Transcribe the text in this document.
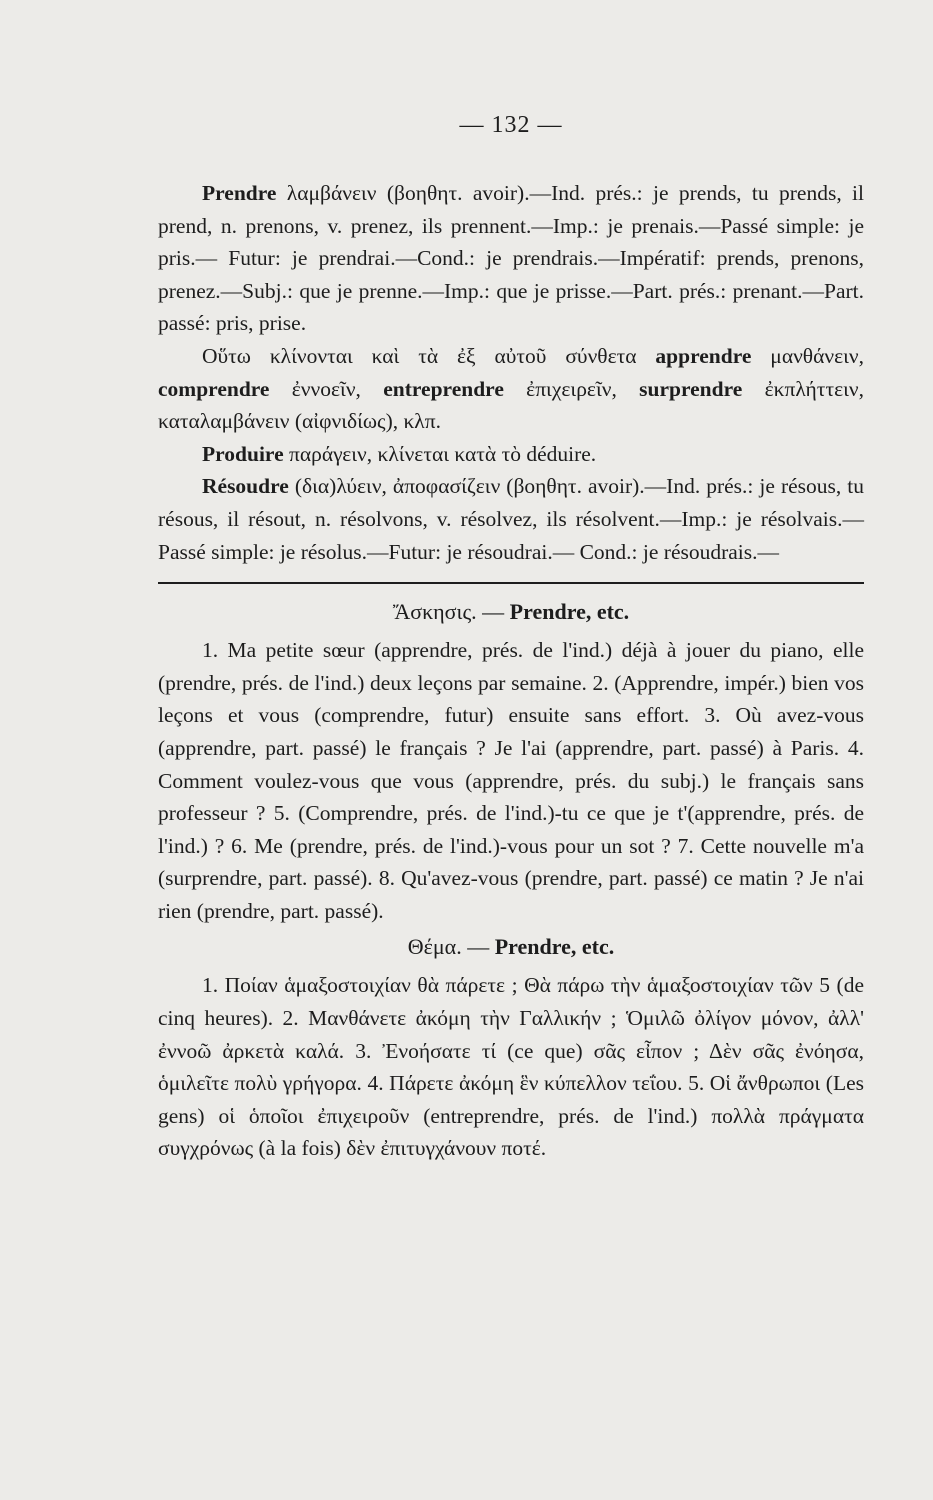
— 132 —

Prendre λαμβάνειν (βοηθητ. avoir).—Ind. prés.: je prends, tu prends, il prend, n. prenons, v. prenez, ils prennent.—Imp.: je prenais.—Passé simple: je pris.— Futur: je prendrai.—Cond.: je prendrais.—Impératif: prends, prenons, prenez.—Subj.: que je prenne.—Imp.: que je prisse.—Part. prés.: prenant.—Part. passé: pris, prise.

Οὕτω κλίνονται καὶ τὰ ἐξ αὐτοῦ σύνθετα apprendre μανθάνειν, comprendre ἐννοεῖν, entreprendre ἐπιχειρεῖν, surprendre ἐκπλήττειν, καταλαμβάνειν (αἰφνιδίως), κλπ.

Produire παράγειν, κλίνεται κατὰ τὸ déduire.

Résoudre (δια)λύειν, ἀποφασίζειν (βοηθητ. avoir).—Ind. prés.: je résous, tu résous, il résout, n. résolvons, v. résolvez, ils résolvent.—Imp.: je résolvais.—Passé simple: je résolus.—Futur: je résoudrai.— Cond.: je résoudrais.—

Ἄσκησις. — Prendre, etc.

1. Ma petite sœur (apprendre, prés. de l'ind.) déjà à jouer du piano, elle (prendre, prés. de l'ind.) deux leçons par semaine. 2. (Apprendre, impér.) bien vos leçons et vous (comprendre, futur) ensuite sans effort. 3. Où avez-vous (apprendre, part. passé) le français ? Je l'ai (apprendre, part. passé) à Paris. 4. Comment voulez-vous que vous (apprendre, prés. du subj.) le français sans professeur ? 5. (Comprendre, prés. de l'ind.)-tu ce que je t'(apprendre, prés. de l'ind.) ? 6. Me (prendre, prés. de l'ind.)-vous pour un sot ? 7. Cette nouvelle m'a (surprendre, part. passé). 8. Qu'avez-vous (prendre, part. passé) ce matin ? Je n'ai rien (prendre, part. passé).

Θέμα. — Prendre, etc.

1. Ποίαν ἁμαξοστοιχίαν θὰ πάρετε ; Θὰ πάρω τὴν ἁμαξοστοιχίαν τῶν 5 (de cinq heures). 2. Μανθάνετε ἀκόμη τὴν Γαλλικήν ; Ὁμιλῶ ὀλίγον μόνον, ἀλλ' ἐννοῶ ἀρκετὰ καλά. 3. Ἐνοήσατε τί (ce que) σᾶς εἶπον ; Δὲν σᾶς ἐνόησα, ὁμιλεῖτε πολὺ γρήγορα. 4. Πάρετε ἀκόμη ἓν κύπελλον τεΐου. 5. Οἱ ἄνθρωποι (Les gens) οἱ ὁποῖοι ἐπιχειροῦν (entreprendre, prés. de l'ind.) πολλὰ πράγματα συγχρόνως (à la fois) δὲν ἐπιτυγχάνουν ποτέ.
